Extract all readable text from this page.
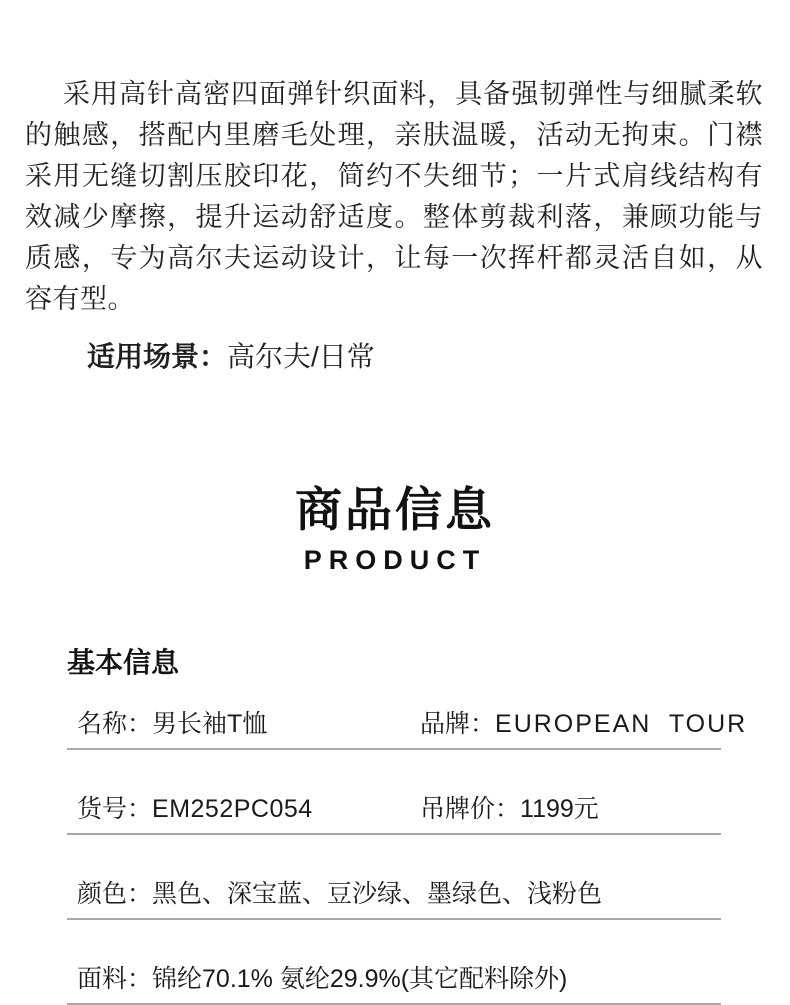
采用高针高密四面弹针织面料，具备强韧弹性与细腻柔软的触感，搭配内里磨毛处理，亲肤温暖，活动无拘束。门襟采用无缝切割压胶印花，简约不失细节；一片式肩线结构有效减少摩擦，提升运动舒适度。整体剪裁利落，兼顾功能与质感，专为高尔夫运动设计，让每一次挥杆都灵活自如，从容有型。

适用场景：高尔夫/日常
商品信息
PRODUCT
基本信息
名称：男长袖T恤	品牌：EUROPEAN TOUR
货号：EM252PC054	吊牌价：1199元
颜色：黑色、深宝蓝、豆沙绿、墨绿色、浅粉色
面料：锦纶70.1% 氨纶29.9%(其它配料除外)
